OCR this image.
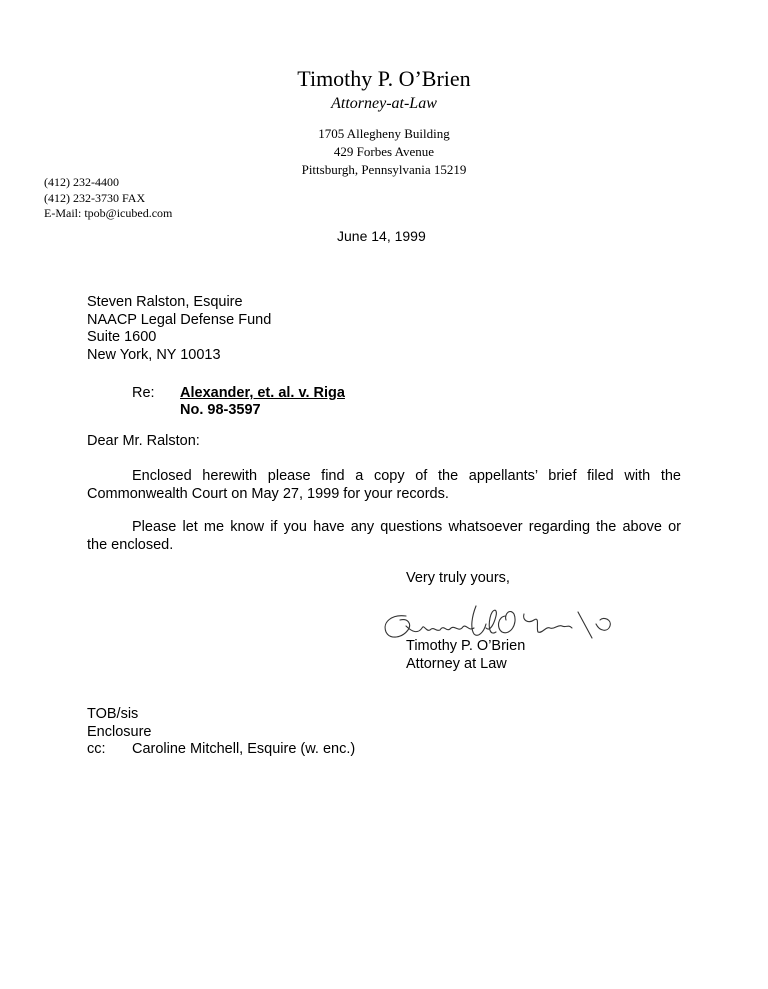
Timothy P. O’Brien
Attorney-at-Law
1705 Allegheny Building
429 Forbes Avenue
Pittsburgh, Pennsylvania 15219
(412) 232-4400
(412) 232-3730 FAX
E-Mail: tpob@icubed.com
June 14, 1999
Steven Ralston, Esquire
NAACP Legal Defense Fund
Suite 1600
New York, NY 10013
Re: Alexander, et. al. v. Riga
No. 98-3597
Dear Mr. Ralston:
Enclosed herewith please find a copy of the appellants’ brief filed with the
Commonwealth Court on May 27, 1999 for your records.
Please let me know if you have any questions whatsoever regarding the above or
the enclosed.
Very truly yours,
Timothy P. O’Brien
Attorney at Law
TOB/sis
Enclosure
cc: Caroline Mitchell, Esquire (w. enc.)
